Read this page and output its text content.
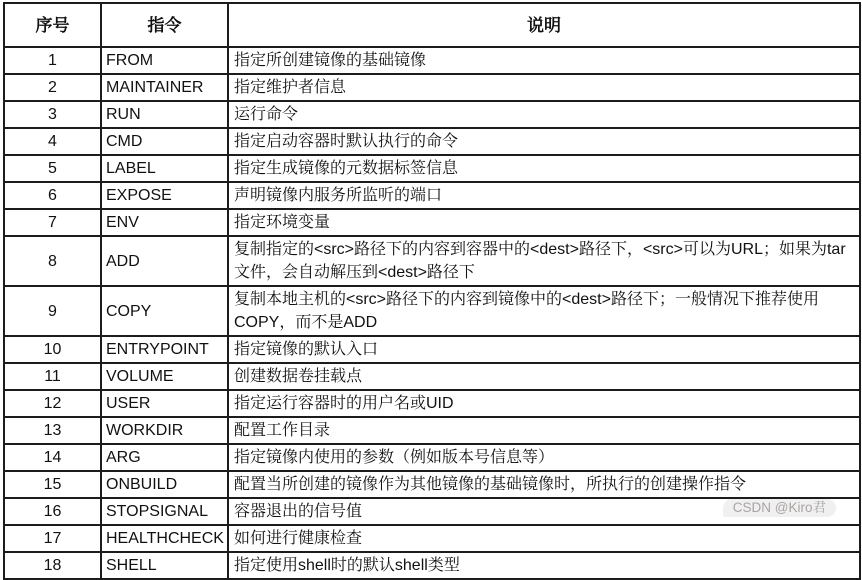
序号	指令	说明
1	FROM	指定所创建镜像的基础镜像
2	MAINTAINER	指定维护者信息
3	RUN	运行命令
4	CMD	指定启动容器时默认执行的命令
5	LABEL	指定生成镜像的元数据标签信息
6	EXPOSE	声明镜像内服务所监听的端口
7	ENV	指定环境变量
8	ADD	复制指定的<src>路径下的内容到容器中的<dest>路径下，<src>可以为URL；如果为tar文件，会自动解压到<dest>路径下
9	COPY	复制本地主机的<src>路径下的内容到镜像中的<dest>路径下；一般情况下推荐使用COPY，而不是ADD
10	ENTRYPOINT	指定镜像的默认入口
11	VOLUME	创建数据卷挂载点
12	USER	指定运行容器时的用户名或UID
13	WORKDIR	配置工作目录
14	ARG	指定镜像内使用的参数（例如版本号信息等）
15	ONBUILD	配置当所创建的镜像作为其他镜像的基础镜像时，所执行的创建操作指令
16	STOPSIGNAL	容器退出的信号值
17	HEALTHCHECK	如何进行健康检查
18	SHELL	指定使用shell时的默认shell类型
CSDN @Kiro君
